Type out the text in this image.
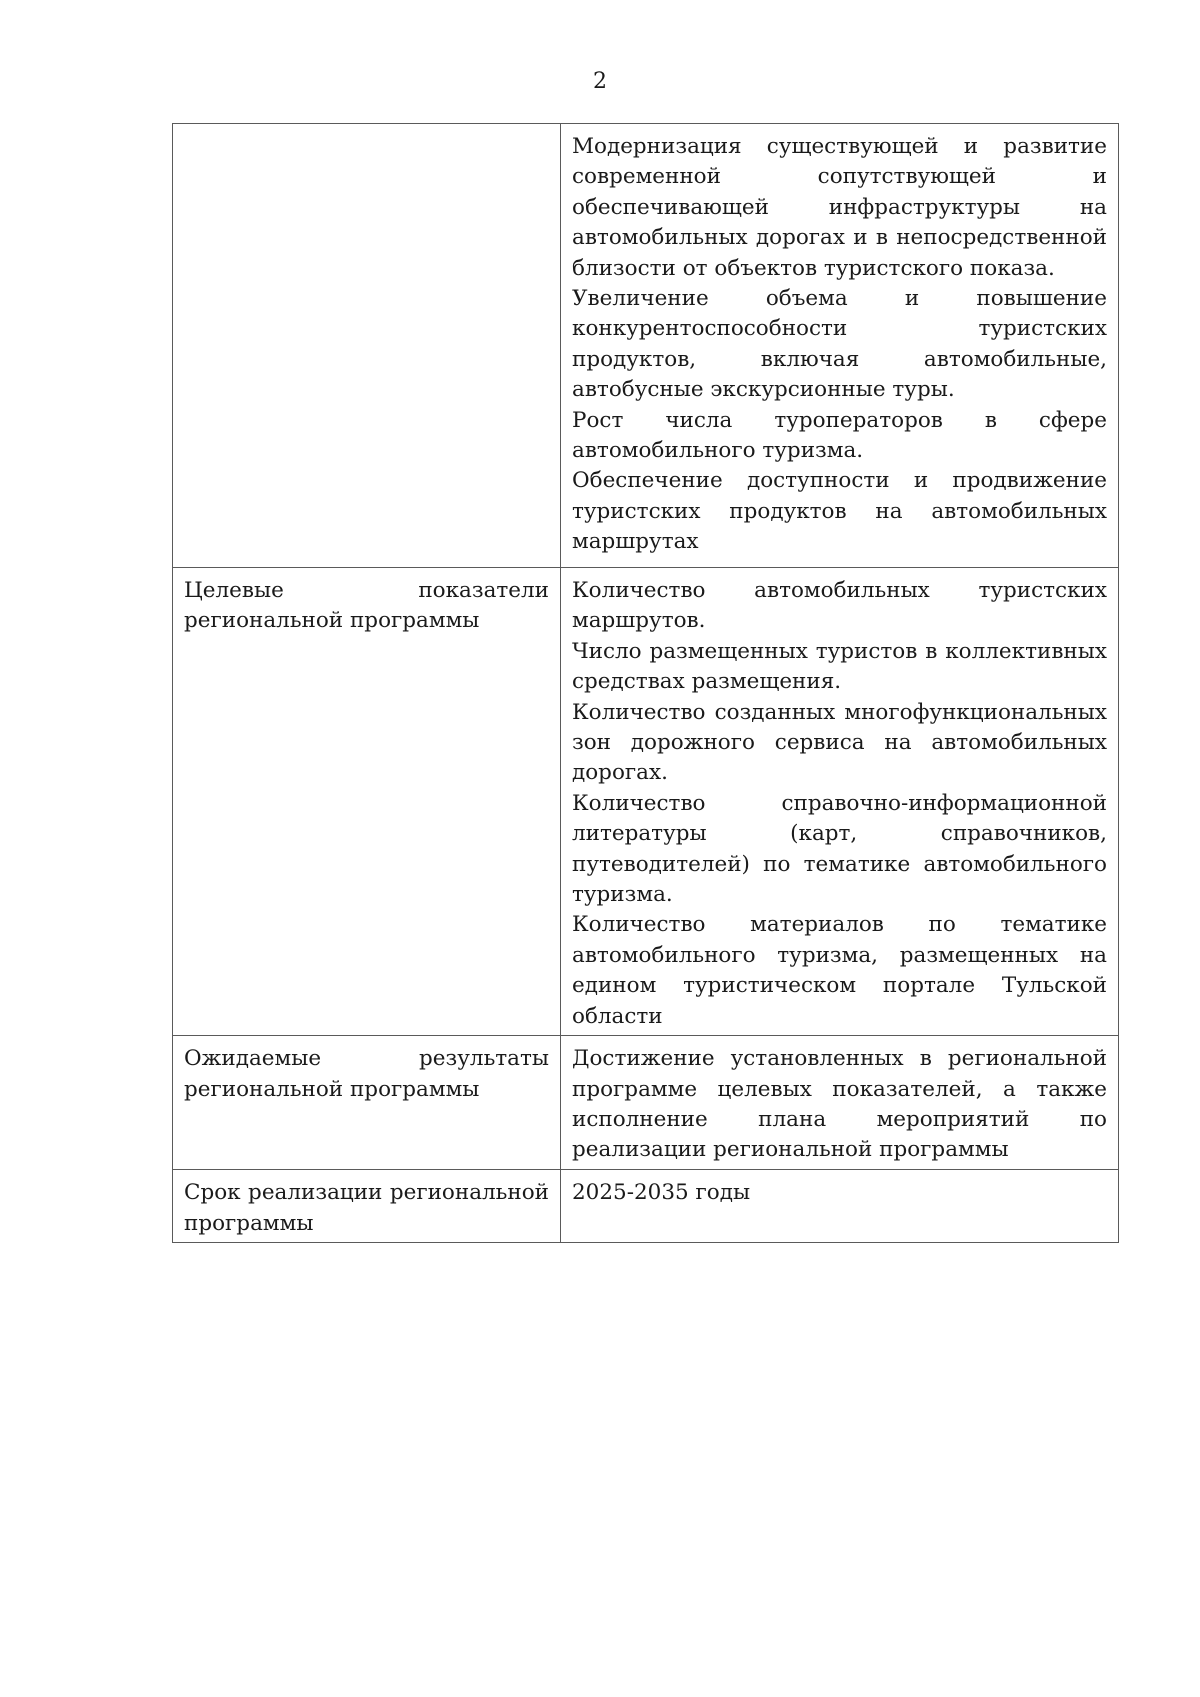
2

	Модернизация существующей и развитие современной сопутствующей и обеспечивающей инфраструктуры на автомобильных дорогах и в непосредственной близости от объектов туристского показа.

Увеличение объема и повышение конкурентоспособности туристских продуктов, включая автомобильные, автобусные экскурсионные туры.

Рост числа туроператоров в сфере автомобильного туризма.

Обеспечение доступности и продвижение туристских продуктов на автомобильных маршрутах

Целевые показатели региональной программы	Количество автомобильных туристских маршрутов.

Число размещенных туристов в коллективных средствах размещения.

Количество созданных многофункциональных зон дорожного сервиса на автомобильных дорогах.

Количество справочно-информационной литературы (карт, справочников, путеводителей) по тематике автомобильного туризма.

Количество материалов по тематике автомобильного туризма, размещенных на едином туристическом портале Тульской области

Ожидаемые результаты региональной программы	Достижение установленных в региональной программе целевых показателей, а также исполнение плана мероприятий по реализации региональной программы

Срок реализации региональной программы	2025-2035 годы
